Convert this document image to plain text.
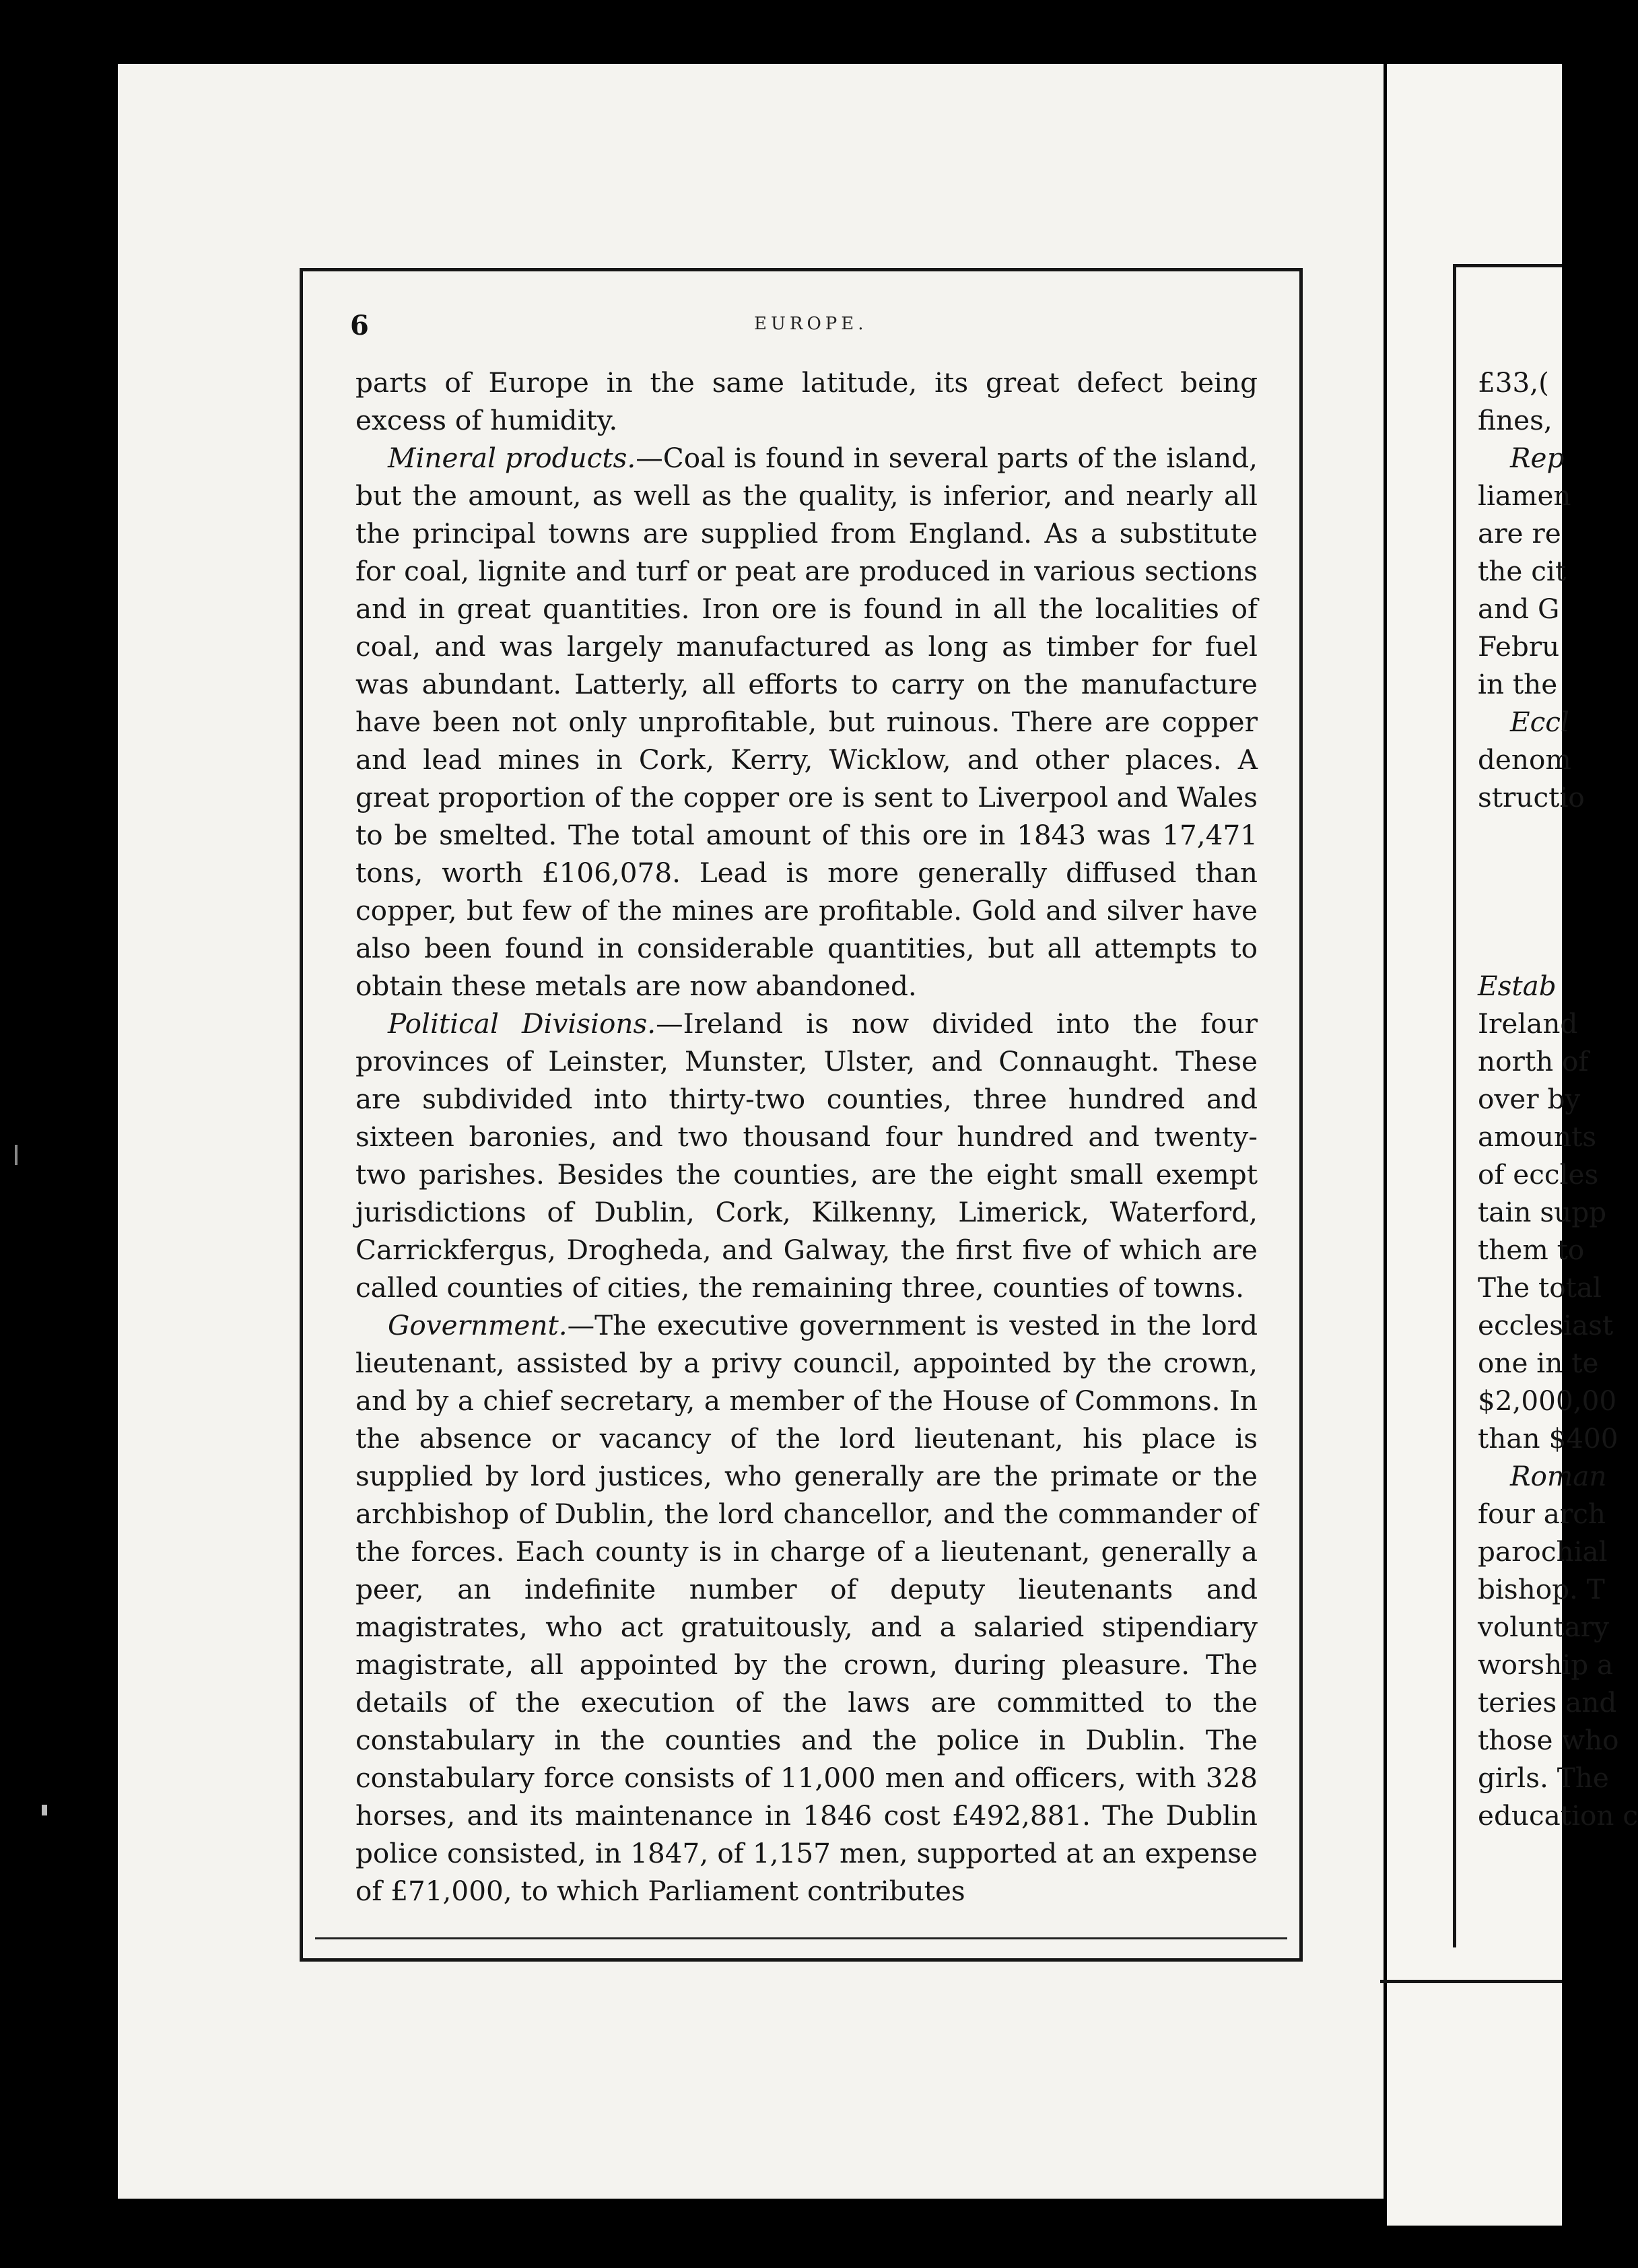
6	EUROPE.

parts of Europe in the same latitude, its great defect being excess of humidity.

Mineral products.—Coal is found in several parts of the island, but the amount, as well as the quality, is inferior, and nearly all the principal towns are supplied from England. As a substitute for coal, lignite and turf or peat are produced in various sections and in great quantities. Iron ore is found in all the localities of coal, and was largely manufactured as long as timber for fuel was abundant. Latterly, all efforts to carry on the manufacture have been not only unprofitable, but ruinous. There are copper and lead mines in Cork, Kerry, Wicklow, and other places. A great proportion of the copper ore is sent to Liverpool and Wales to be smelted. The total amount of this ore in 1843 was 17,471 tons, worth £106,078. Lead is more generally diffused than copper, but few of the mines are profitable. Gold and silver have also been found in considerable quantities, but all attempts to obtain these metals are now abandoned.

Political Divisions.—Ireland is now divided into the four provinces of Leinster, Munster, Ulster, and Connaught. These are subdivided into thirty-two counties, three hundred and sixteen baronies, and two thousand four hundred and twenty-two parishes. Besides the counties, are the eight small exempt jurisdictions of Dublin, Cork, Kilkenny, Limerick, Waterford, Carrickfergus, Drogheda, and Galway, the first five of which are called counties of cities, the remaining three, counties of towns.

Government.—The executive government is vested in the lord lieutenant, assisted by a privy council, appointed by the crown, and by a chief secretary, a member of the House of Commons. In the absence or vacancy of the lord lieutenant, his place is supplied by lord justices, who generally are the primate or the archbishop of Dublin, the lord chancellor, and the commander of the forces. Each county is in charge of a lieutenant, generally a peer, an indefinite number of deputy lieutenants and magistrates, who act gratuitously, and a salaried stipendiary magistrate, all appointed by the crown, during pleasure. The details of the execution of the laws are committed to the constabulary in the counties and the police in Dublin. The constabulary force consists of 11,000 men and officers, with 328 horses, and its maintenance in 1846 cost £492,881. The Dublin police consisted, in 1847, of 1,157 men, supported at an expense of £71,000, to which Parliament contributes

£33,(
fines,
Rep
liamen
are re
the cit
and G
Febru
in the
Eccl
denom
structio
Estab
Ireland
north of
over by
amounts
of eccles
tain supp
them to
The total
ecclesiast
one in te
$2,000,00
than $400
Roman
four arch
parochial
bishop. T
voluntary
worship a
teries and
those who
girls. The
education c
